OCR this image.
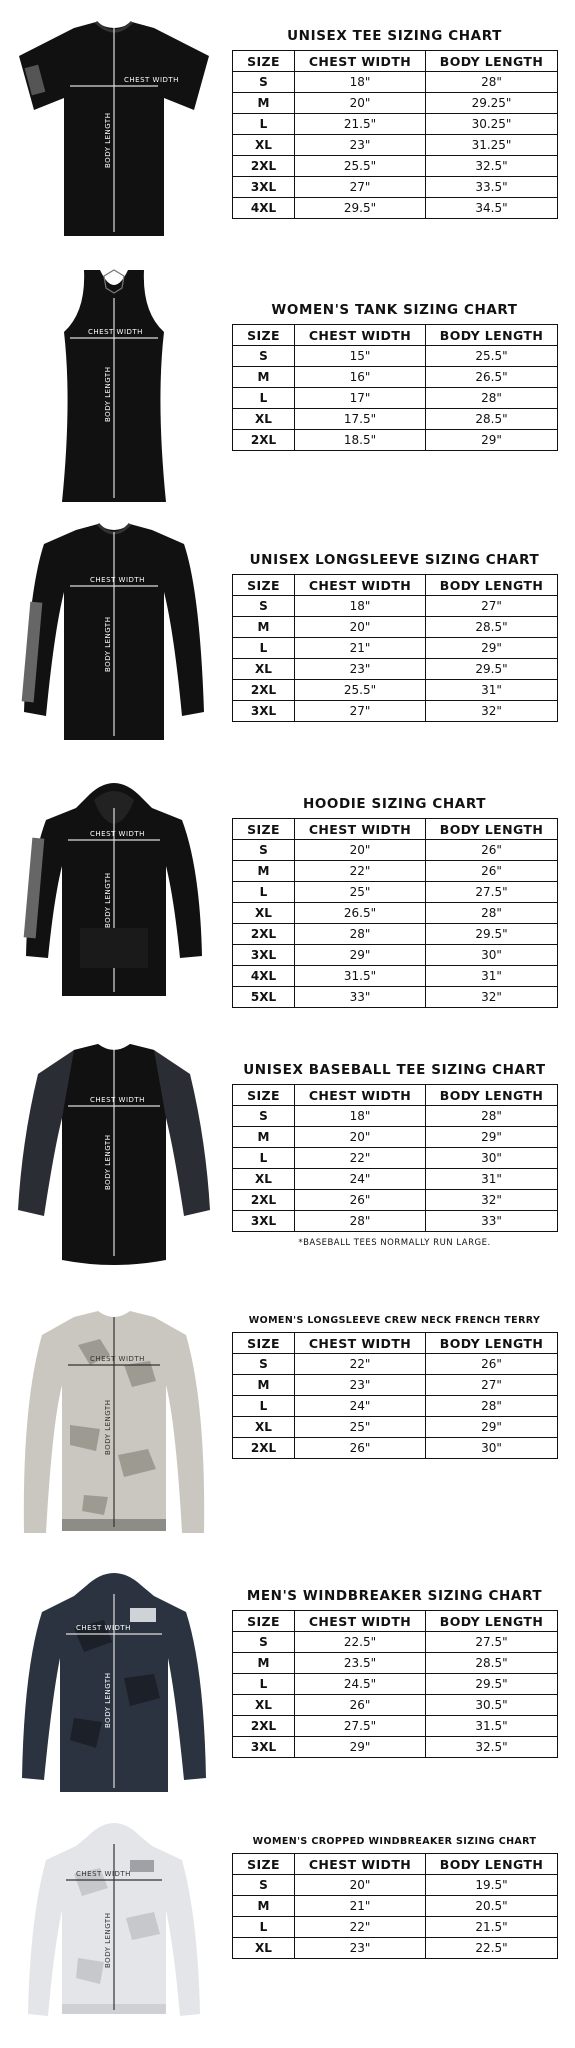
CHEST WIDTH
BODY LENGTH
UNISEX TEE SIZING CHART
SIZE	CHEST WIDTH	BODY LENGTH
S	18"	28"
M	20"	29.25"
L	21.5"	30.25"
XL	23"	31.25"
2XL	25.5"	32.5"
3XL	27"	33.5"
4XL	29.5"	34.5"
CHEST WIDTH
BODY LENGTH
WOMEN'S TANK SIZING CHART
SIZE	CHEST WIDTH	BODY LENGTH
S	15"	25.5"
M	16"	26.5"
L	17"	28"
XL	17.5"	28.5"
2XL	18.5"	29"
CHEST WIDTH
BODY LENGTH
UNISEX LONGSLEEVE SIZING CHART
SIZE	CHEST WIDTH	BODY LENGTH
S	18"	27"
M	20"	28.5"
L	21"	29"
XL	23"	29.5"
2XL	25.5"	31"
3XL	27"	32"
CHEST WIDTH
BODY LENGTH
HOODIE SIZING CHART
SIZE	CHEST WIDTH	BODY LENGTH
S	20"	26"
M	22"	26"
L	25"	27.5"
XL	26.5"	28"
2XL	28"	29.5"
3XL	29"	30"
4XL	31.5"	31"
5XL	33"	32"
CHEST WIDTH
BODY LENGTH
UNISEX BASEBALL TEE SIZING CHART
SIZE	CHEST WIDTH	BODY LENGTH
S	18"	28"
M	20"	29"
L	22"	30"
XL	24"	31"
2XL	26"	32"
3XL	28"	33"
*BASEBALL TEES NORMALLY RUN LARGE.
CHEST WIDTH
BODY LENGTH
WOMEN'S LONGSLEEVE CREW NECK FRENCH TERRY
SIZE	CHEST WIDTH	BODY LENGTH
S	22"	26"
M	23"	27"
L	24"	28"
XL	25"	29"
2XL	26"	30"
CHEST WIDTH
BODY LENGTH
MEN'S WINDBREAKER SIZING CHART
SIZE	CHEST WIDTH	BODY LENGTH
S	22.5"	27.5"
M	23.5"	28.5"
L	24.5"	29.5"
XL	26"	30.5"
2XL	27.5"	31.5"
3XL	29"	32.5"
CHEST WIDTH
BODY LENGTH
WOMEN'S CROPPED WINDBREAKER SIZING CHART
SIZE	CHEST WIDTH	BODY LENGTH
S	20"	19.5"
M	21"	20.5"
L	22"	21.5"
XL	23"	22.5"
